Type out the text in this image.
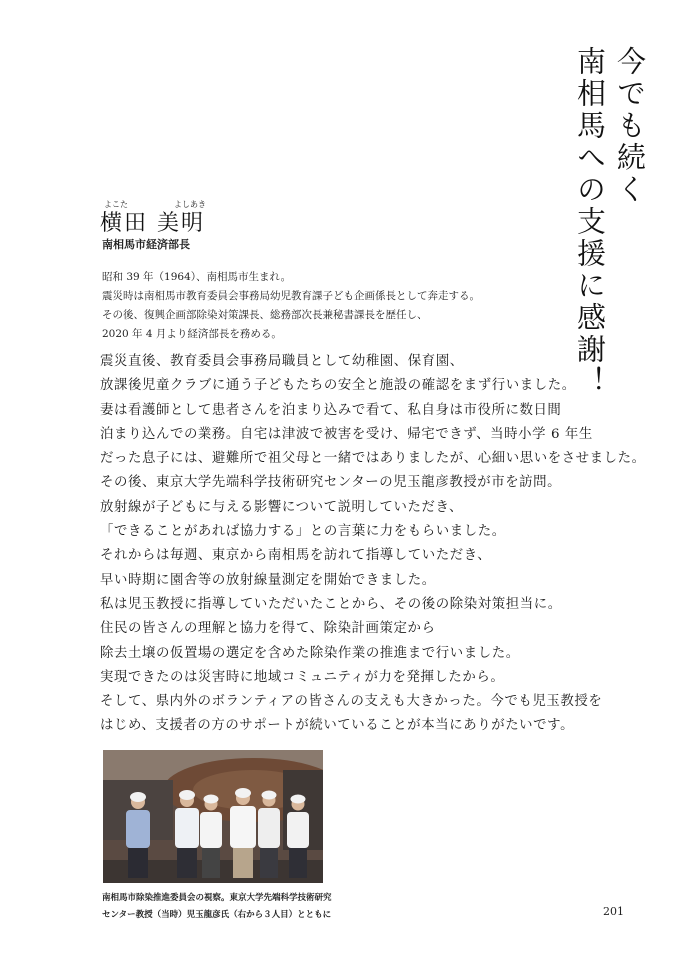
今でも続く
南相馬への支援に感謝！
よこた	よしあき
横田 美明
南相馬市経済部長
昭和 39 年（1964）、南相馬市生まれ。
震災時は南相馬市教育委員会事務局幼児教育課子ども企画係長として奔走する。
その後、復興企画部除染対策課長、総務部次長兼秘書課長を歴任し、
2020 年 4 月より経済部長を務める。
震災直後、教育委員会事務局職員として幼稚園、保育園、
放課後児童クラブに通う子どもたちの安全と施設の確認をまず行いました。
妻は看護師として患者さんを泊まり込みで看て、私自身は市役所に数日間
泊まり込んでの業務。自宅は津波で被害を受け、帰宅できず、当時小学 6 年生
だった息子には、避難所で祖父母と一緒ではありましたが、心細い思いをさせました。
その後、東京大学先端科学技術研究センターの児玉龍彦教授が市を訪問。
放射線が子どもに与える影響について説明していただき、
「できることがあれば協力する」との言葉に力をもらいました。
それからは毎週、東京から南相馬を訪れて指導していただき、
早い時期に園舎等の放射線量測定を開始できました。
私は児玉教授に指導していただいたことから、その後の除染対策担当に。
住民の皆さんの理解と協力を得て、除染計画策定から
除去土壌の仮置場の選定を含めた除染作業の推進まで行いました。
実現できたのは災害時に地域コミュニティが力を発揮したから。
そして、県内外のボランティアの皆さんの支えも大きかった。今でも児玉教授を
はじめ、支援者の方のサポートが続いていることが本当にありがたいです。
南相馬市除染推進委員会の視察。東京大学先端科学技術研究
センター教授（当時）児玉龍彦氏（右から３人目）とともに	201
